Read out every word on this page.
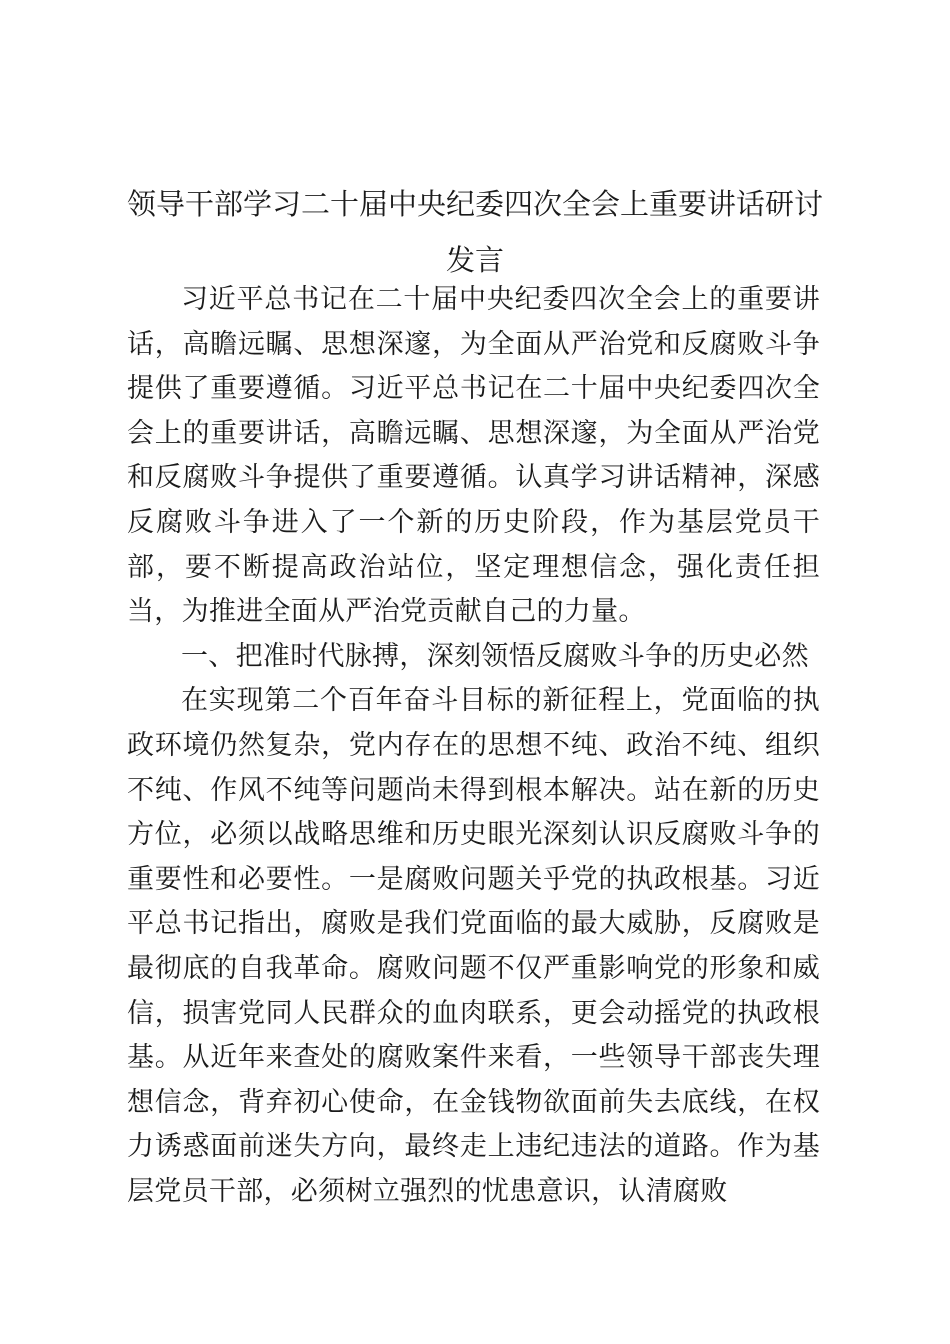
领导干部学习二十届中央纪委四次全会上重要讲话研讨发言

习近平总书记在二十届中央纪委四次全会上的重要讲话，高瞻远瞩、思想深邃，为全面从严治党和反腐败斗争提供了重要遵循。习近平总书记在二十届中央纪委四次全会上的重要讲话，高瞻远瞩、思想深邃，为全面从严治党和反腐败斗争提供了重要遵循。认真学习讲话精神，深感反腐败斗争进入了一个新的历史阶段，作为基层党员干部，要不断提高政治站位，坚定理想信念，强化责任担当，为推进全面从严治党贡献自己的力量。

一、把准时代脉搏，深刻领悟反腐败斗争的历史必然

在实现第二个百年奋斗目标的新征程上，党面临的执政环境仍然复杂，党内存在的思想不纯、政治不纯、组织不纯、作风不纯等问题尚未得到根本解决。站在新的历史方位，必须以战略思维和历史眼光深刻认识反腐败斗争的重要性和必要性。一是腐败问题关乎党的执政根基。习近平总书记指出，腐败是我们党面临的最大威胁，反腐败是最彻底的自我革命。腐败问题不仅严重影响党的形象和威信，损害党同人民群众的血肉联系，更会动摇党的执政根基。从近年来查处的腐败案件来看，一些领导干部丧失理想信念，背弃初心使命，在金钱物欲面前失去底线，在权力诱惑面前迷失方向，最终走上违纪违法的道路。作为基层党员干部，必须树立强烈的忧患意识，认清腐败
